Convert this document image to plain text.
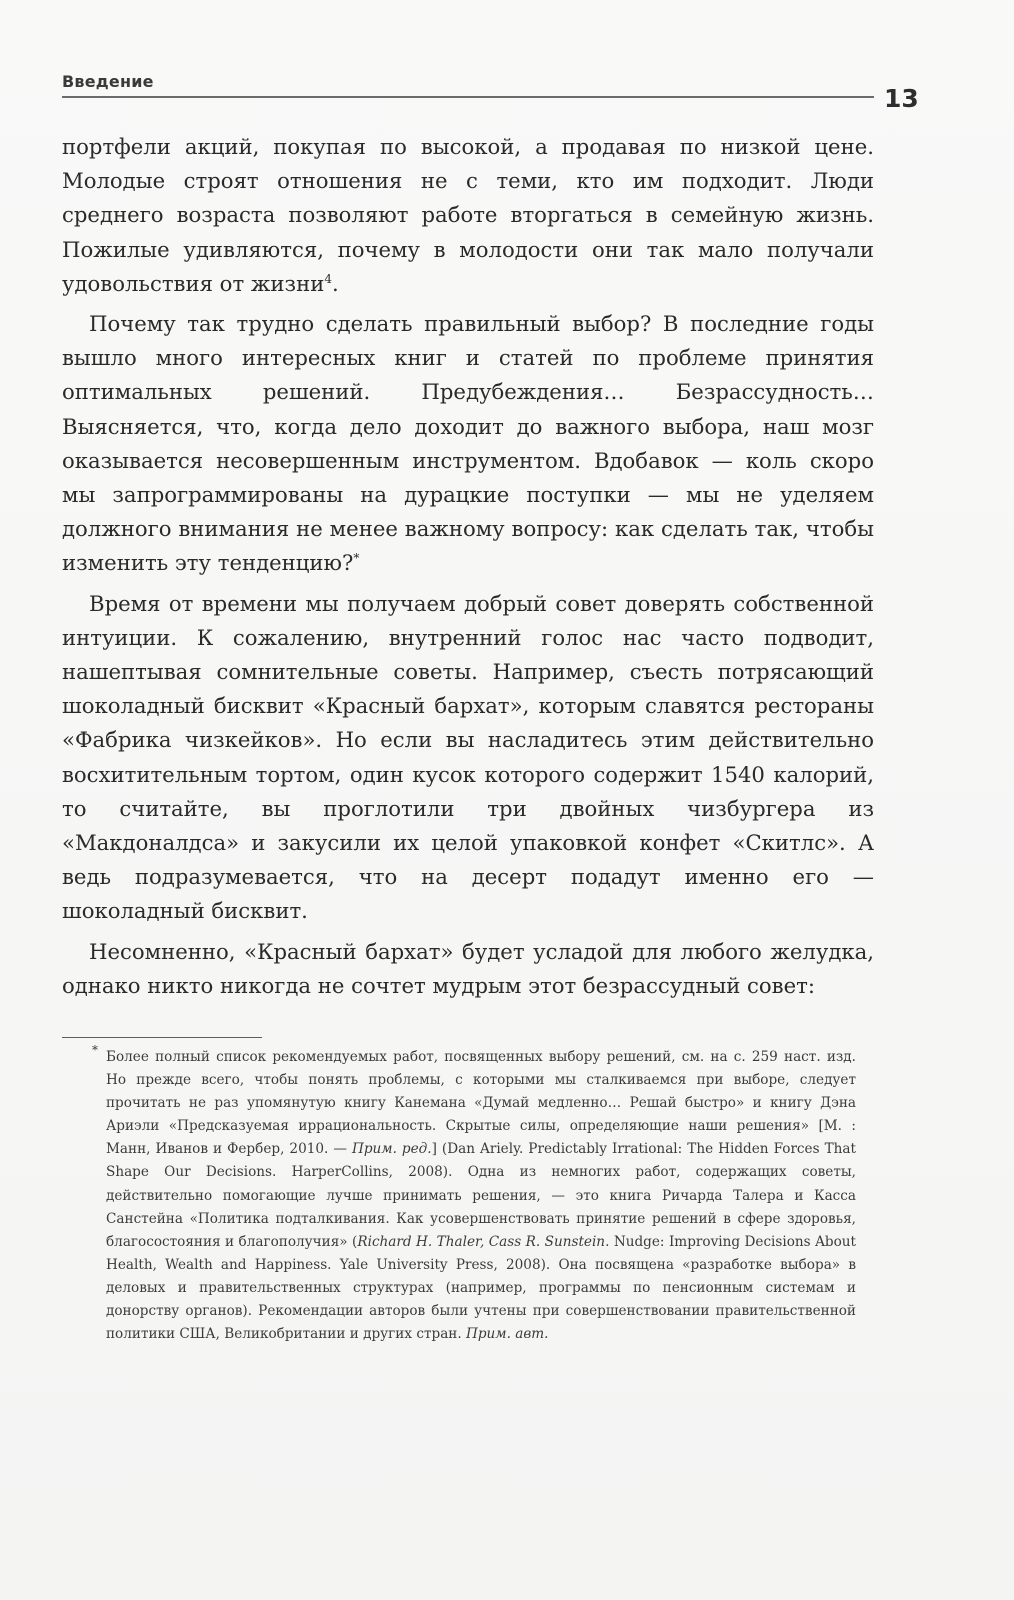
Введение
13

портфели акций, покупая по высокой, а продавая по низкой цене. Молодые строят отношения не с теми, кто им подходит. Люди среднего возраста позволяют работе вторгаться в семейную жизнь. Пожилые удивляются, почему в молодости они так мало получали удовольствия от жизни$^4$.

Почему так трудно сделать правильный выбор? В последние годы вышло много интересных книг и статей по проблеме принятия оптимальных решений. Предубеждения… Безрассудность… Выясняется, что, когда дело доходит до важного выбора, наш мозг оказывается несовершенным инструментом. Вдобавок — коль скоро мы запрограммированы на дурацкие поступки — мы не уделяем должного внимания не менее важному вопросу: как сделать так, чтобы изменить эту тенденцию?*

Время от времени мы получаем добрый совет доверять собственной интуиции. К сожалению, внутренний голос нас часто подводит, нашептывая сомнительные советы. Например, съесть потрясающий шоколадный бисквит «Красный бархат», которым славятся рестораны «Фабрика чизкейков». Но если вы насладитесь этим действительно восхитительным тортом, один кусок которого содержит 1540 калорий, то считайте, вы проглотили три двойных чизбургера из «Макдоналдса» и закусили их целой упаковкой конфет «Скитлс». А ведь подразумевается, что на десерт подадут именно его — шоколадный бисквит.

Несомненно, «Красный бархат» будет усладой для любого желудка, однако никто никогда не сочтет мудрым этот безрассудный совет:

* Более полный список рекомендуемых работ, посвященных выбору решений, см. на с. 259 наст. изд. Но прежде всего, чтобы понять проблемы, с которыми мы сталкиваемся при выборе, следует прочитать не раз упомянутую книгу Канемана «Думай медленно… Решай быстро» и книгу Дэна Ариэли «Предсказуемая иррациональность. Скрытые силы, определяющие наши решения» [М. : Манн, Иванов и Фербер, 2010. — Прим. ред.] (Dan Ariely. Predictably Irrational: The Hidden Forces That Shape Our Decisions. HarperCollins, 2008). Одна из немногих работ, содержащих советы, действительно помогающие лучше принимать решения, — это книга Ричарда Талера и Касса Санстейна «Политика подталкивания. Как усовершенствовать принятие решений в сфере здоровья, благосостояния и благополучия» (Richard H. Thaler, Cass R. Sunstein. Nudge: Improving Decisions About Health, Wealth and Happiness. Yale University Press, 2008). Она посвящена «разработке выбора» в деловых и правительственных структурах (например, программы по пенсионным системам и донорству органов). Рекомендации авторов были учтены при совершенствовании правительственной политики США, Великобритании и других стран. Прим. авт.
